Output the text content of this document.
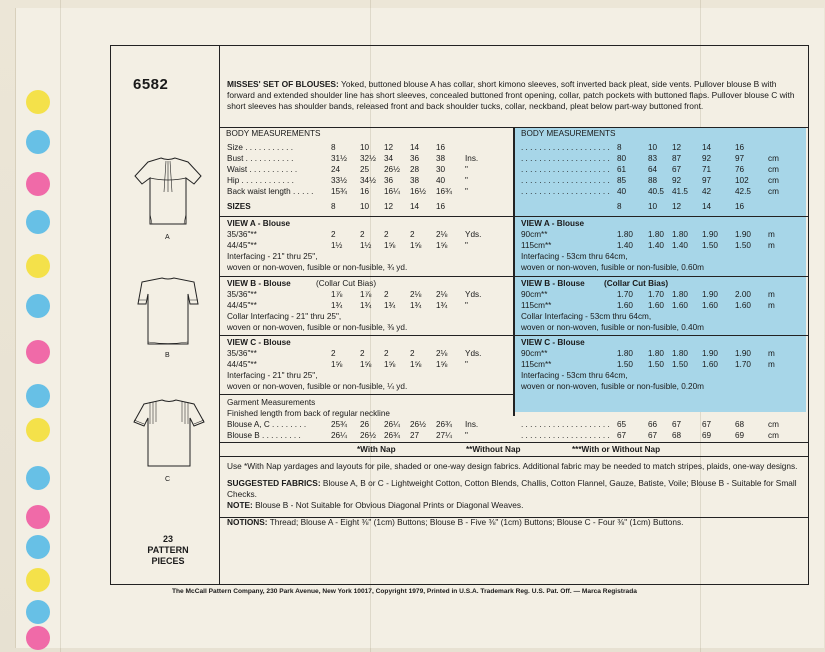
6582
A
B
C
23
PATTERN
PIECES
MISSES' SET OF BLOUSES: Yoked, buttoned blouse A has collar, short kimono sleeves, soft inverted back pleat, side vents. Pullover blouse B with forward and extended shoulder line has short sleeves, concealed buttoned front opening, collar, patch pockets with buttoned flaps. Pullover blouse C with short sleeves has shoulder bands, released front and back shoulder tucks, collar, neckband, pleat below part-way buttoned front.
BODY MEASUREMENTS	BODY MEASUREMENTS
Size . . . . . . . . . . .	8	10 12 14 16
Bust . . . . . . . . . . .	31½ 32½ 34 36 38 Ins.
Waist . . . . . . . . . . .	24 25 26½ 28 30 "
Hip . . . . . . . . . . . .	33½ 34½ 36 38 40 "
Back waist length . . . . . 15¾ 16 16¼ 16½ 16¾ "
. . . . . . . . . . . . . . . . . . . . 8	10 12	14	16
. . . . . . . . . . . . . . . . . . . . 80	83 87	92	97	cm
. . . . . . . . . . . . . . . . . . . . 61	64 67	71	76	cm
. . . . . . . . . . . . . . . . . . . . 85	88 92	97	102 cm
. . . . . . . . . . . . . . . . . . . . 40	40.5 41.5 42	42.5 cm
SIZES	8	10 12 14 16	8	10 12	14	16
VIEW A - Blouse
35/36"**	2	2 2	2	2⅛ Yds.
44/45"**	1½ 1½ 1⅝ 1⅝ 1⅝ "
Interfacing - 21" thru 25",
woven or non-woven, fusible or non-fusible, ¾ yd.
VIEW A - Blouse
90cm**	1.80 1.80 1.80 1.90 1.90 m
115cm**	1.40 1.40 1.40 1.50 1.50 m
Interfacing - 53cm thru 64cm,
woven or non-woven, fusible or non-fusible, 0.60m
VIEW B - Blouse	(Collar Cut Bias)
35/36"**	1⅞ 1⅞ 2	2⅛ 2⅛ Yds.
44/45"**	1¾ 1¾ 1¾ 1¾ 1¾ "
Collar Interfacing - 21" thru 25",
woven or non-woven, fusible or non-fusible, ⅜ yd.
VIEW B - Blouse (Collar Cut Bias)
90cm**	1.70 1.70 1.80 1.90 2.00 m
115cm**	1.60 1.60 1.60 1.60 1.60 m
Collar Interfacing - 53cm thru 64cm,
woven or non-woven, fusible or non-fusible, 0.40m
VIEW C - Blouse
35/36"**	2	2 2	2	2⅛ Yds.
44/45"**	1⅝ 1⅝ 1⅝ 1⅝ 1⅝ "
Interfacing - 21" thru 25",
woven or non-woven, fusible or non-fusible, ¼ yd.
VIEW C - Blouse
90cm**	1.80 1.80 1.80 1.90 1.90 m
115cm**	1.50 1.50 1.50 1.60 1.70 m
Interfacing - 53cm thru 64cm,
woven or non-woven, fusible or non-fusible, 0.20m
Garment Measurements
Finished length from back of regular neckline
Blouse A, C . . . . . . . .	25¾ 26 26¼ 26½ 26¾ Ins.
Blouse B . . . . . . . . .	26¼ 26½ 26¾ 27 27¼ "
. . . . . . . . . . . . . . . . . . . . 65	66 67	67	68	cm
. . . . . . . . . . . . . . . . . . . . 67	67 68	69	69	cm
*With Nap	**Without Nap	***With or Without Nap

Use *With Nap yardages and layouts for pile, shaded or one-way design fabrics. Additional fabric may be needed to match stripes, plaids, one-way designs.

SUGGESTED FABRICS: Blouse A, B or C - Lightweight Cotton, Cotton Blends, Challis, Cotton Flannel, Gauze, Batiste, Voile; Blouse B - Suitable for Small Checks.

NOTE: Blouse B - Not Suitable for Obvious Diagonal Prints or Diagonal Weaves.

NOTIONS: Thread; Blouse A - Eight ⅜" (1cm) Buttons; Blouse B - Five ⅜" (1cm) Buttons; Blouse C - Four ⅜" (1cm) Buttons.

The McCall Pattern Company, 230 Park Avenue, New York 10017, Copyright 1979, Printed in U.S.A. Trademark Reg. U.S. Pat. Off. — Marca Registrada
